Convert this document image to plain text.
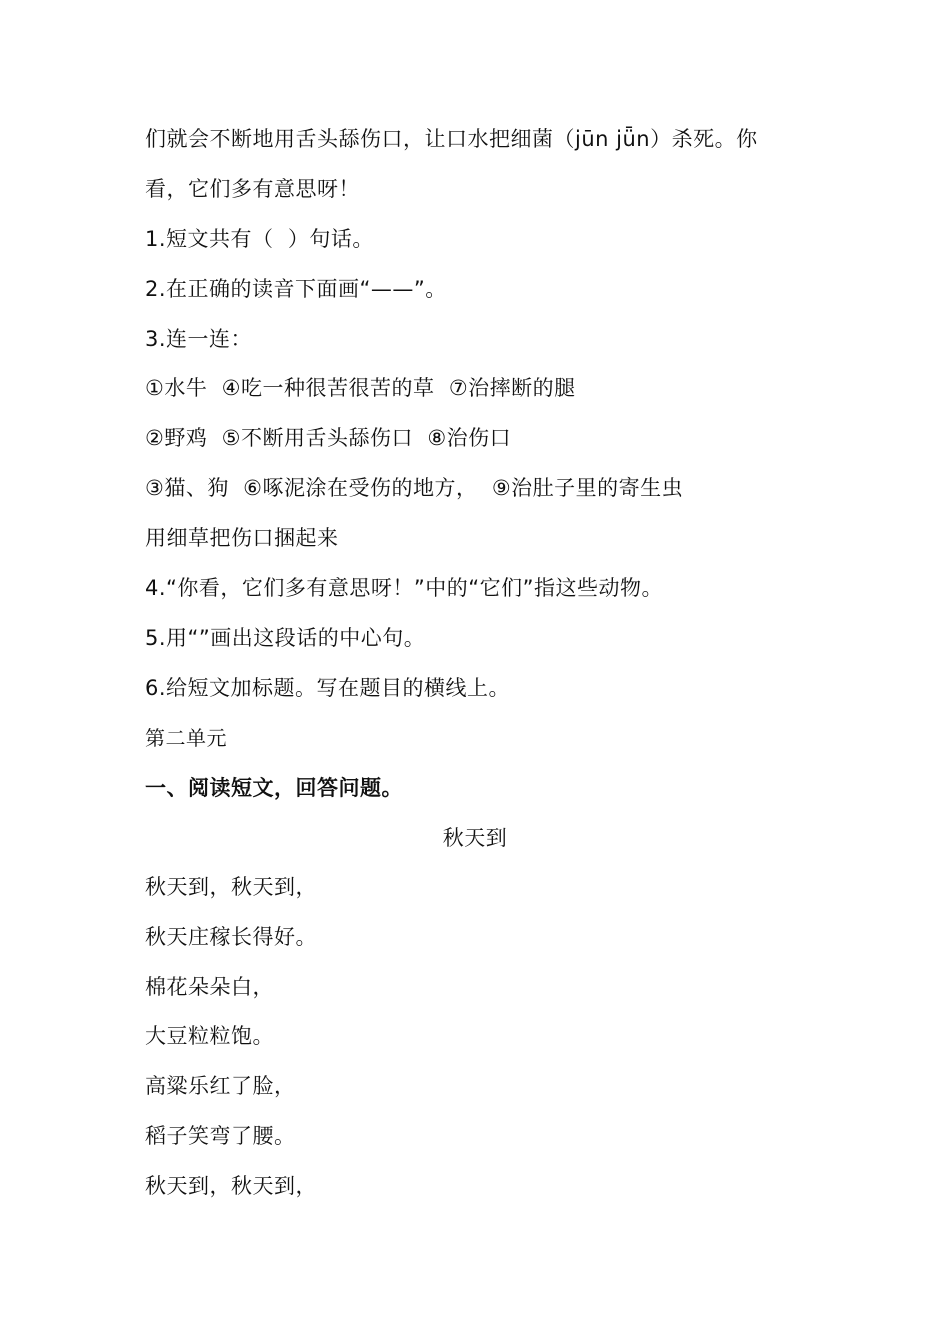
们就会不断地用舌头舔伤口，让口水把细菌（jūn jǖn）杀死。你
看，它们多有意思呀！
1.短文共有（  ）句话。
2.在正确的读音下面画“——”。
3.连一连：
①水牛  ④吃一种很苦很苦的草  ⑦治摔断的腿
②野鸡  ⑤不断用舌头舔伤口  ⑧治伤口
③猫、狗  ⑥啄泥涂在受伤的地方，  ⑨治肚子里的寄生虫
用细草把伤口捆起来
4.“你看，它们多有意思呀！”中的“它们”指这些动物。
5.用“”画出这段话的中心句。
6.给短文加标题。写在题目的横线上。
第二单元
一、阅读短文，回答问题。
秋天到
秋天到，秋天到，
秋天庄稼长得好。
棉花朵朵白，
大豆粒粒饱。
高粱乐红了脸，
稻子笑弯了腰。
秋天到，秋天到，
